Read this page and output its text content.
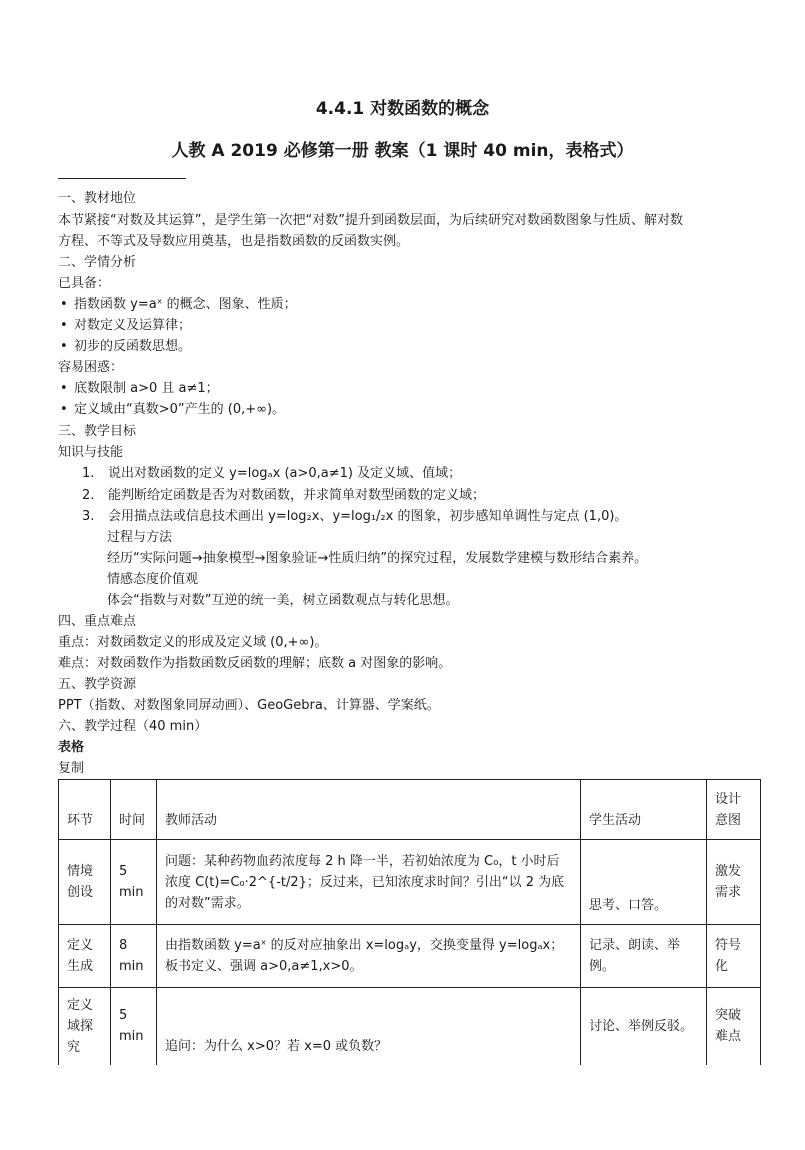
4.4.1 对数函数的概念
人教 A 2019 必修第一册 教案（1 课时 40 min，表格式）
一、教材地位
本节紧接“对数及其运算”，是学生第一次把“对数”提升到函数层面，为后续研究对数函数图象与性质、解对数
方程、不等式及导数应用奠基，也是指数函数的反函数实例。
二、学情分析
已具备：
• 指数函数 y=aˣ 的概念、图象、性质；
• 对数定义及运算律；
• 初步的反函数思想。
容易困惑：
• 底数限制 a>0 且 a≠1；
• 定义域由“真数>0”产生的 (0,+∞)。
三、教学目标
知识与技能
1. 说出对数函数的定义 y=logₐx (a>0,a≠1) 及定义域、值域；
2. 能判断给定函数是否为对数函数，并求简单对数型函数的定义域；
3. 会用描点法或信息技术画出 y=log₂x、y=log₁/₂x 的图象，初步感知单调性与定点 (1,0)。
过程与方法
经历“实际问题→抽象模型→图象验证→性质归纳”的探究过程，发展数学建模与数形结合素养。
情感态度价值观
体会“指数与对数”互逆的统一美，树立函数观点与转化思想。
四、重点难点
重点：对数函数定义的形成及定义域 (0,+∞)。
难点：对数函数作为指数函数反函数的理解；底数 a 对图象的影响。
五、教学资源
PPT（指数、对数图象同屏动画）、GeoGebra、计算器、学案纸。
六、教学过程（40 min）
表格
复制
环节	时间	教师活动	学生活动	设计意图
情境创设	5 min	问题：某种药物血药浓度每 2 h 降一半，若初始浓度为 C₀，t 小时后浓度 C(t)=C₀·2^{-t/2}；反过来，已知浓度求时间？引出“以 2 为底的对数”需求。	思考、口答。	激发需求
定义生成	8 min	由指数函数 y=aˣ 的反对应抽象出 x=logₐy，交换变量得 y=logₐx；板书定义、强调 a>0,a≠1,x>0。	记录、朗读、举例。	符号化
定义域探究	5 min	追问：为什么 x>0？若 x=0 或负数？	讨论、举例反驳。	突破难点
